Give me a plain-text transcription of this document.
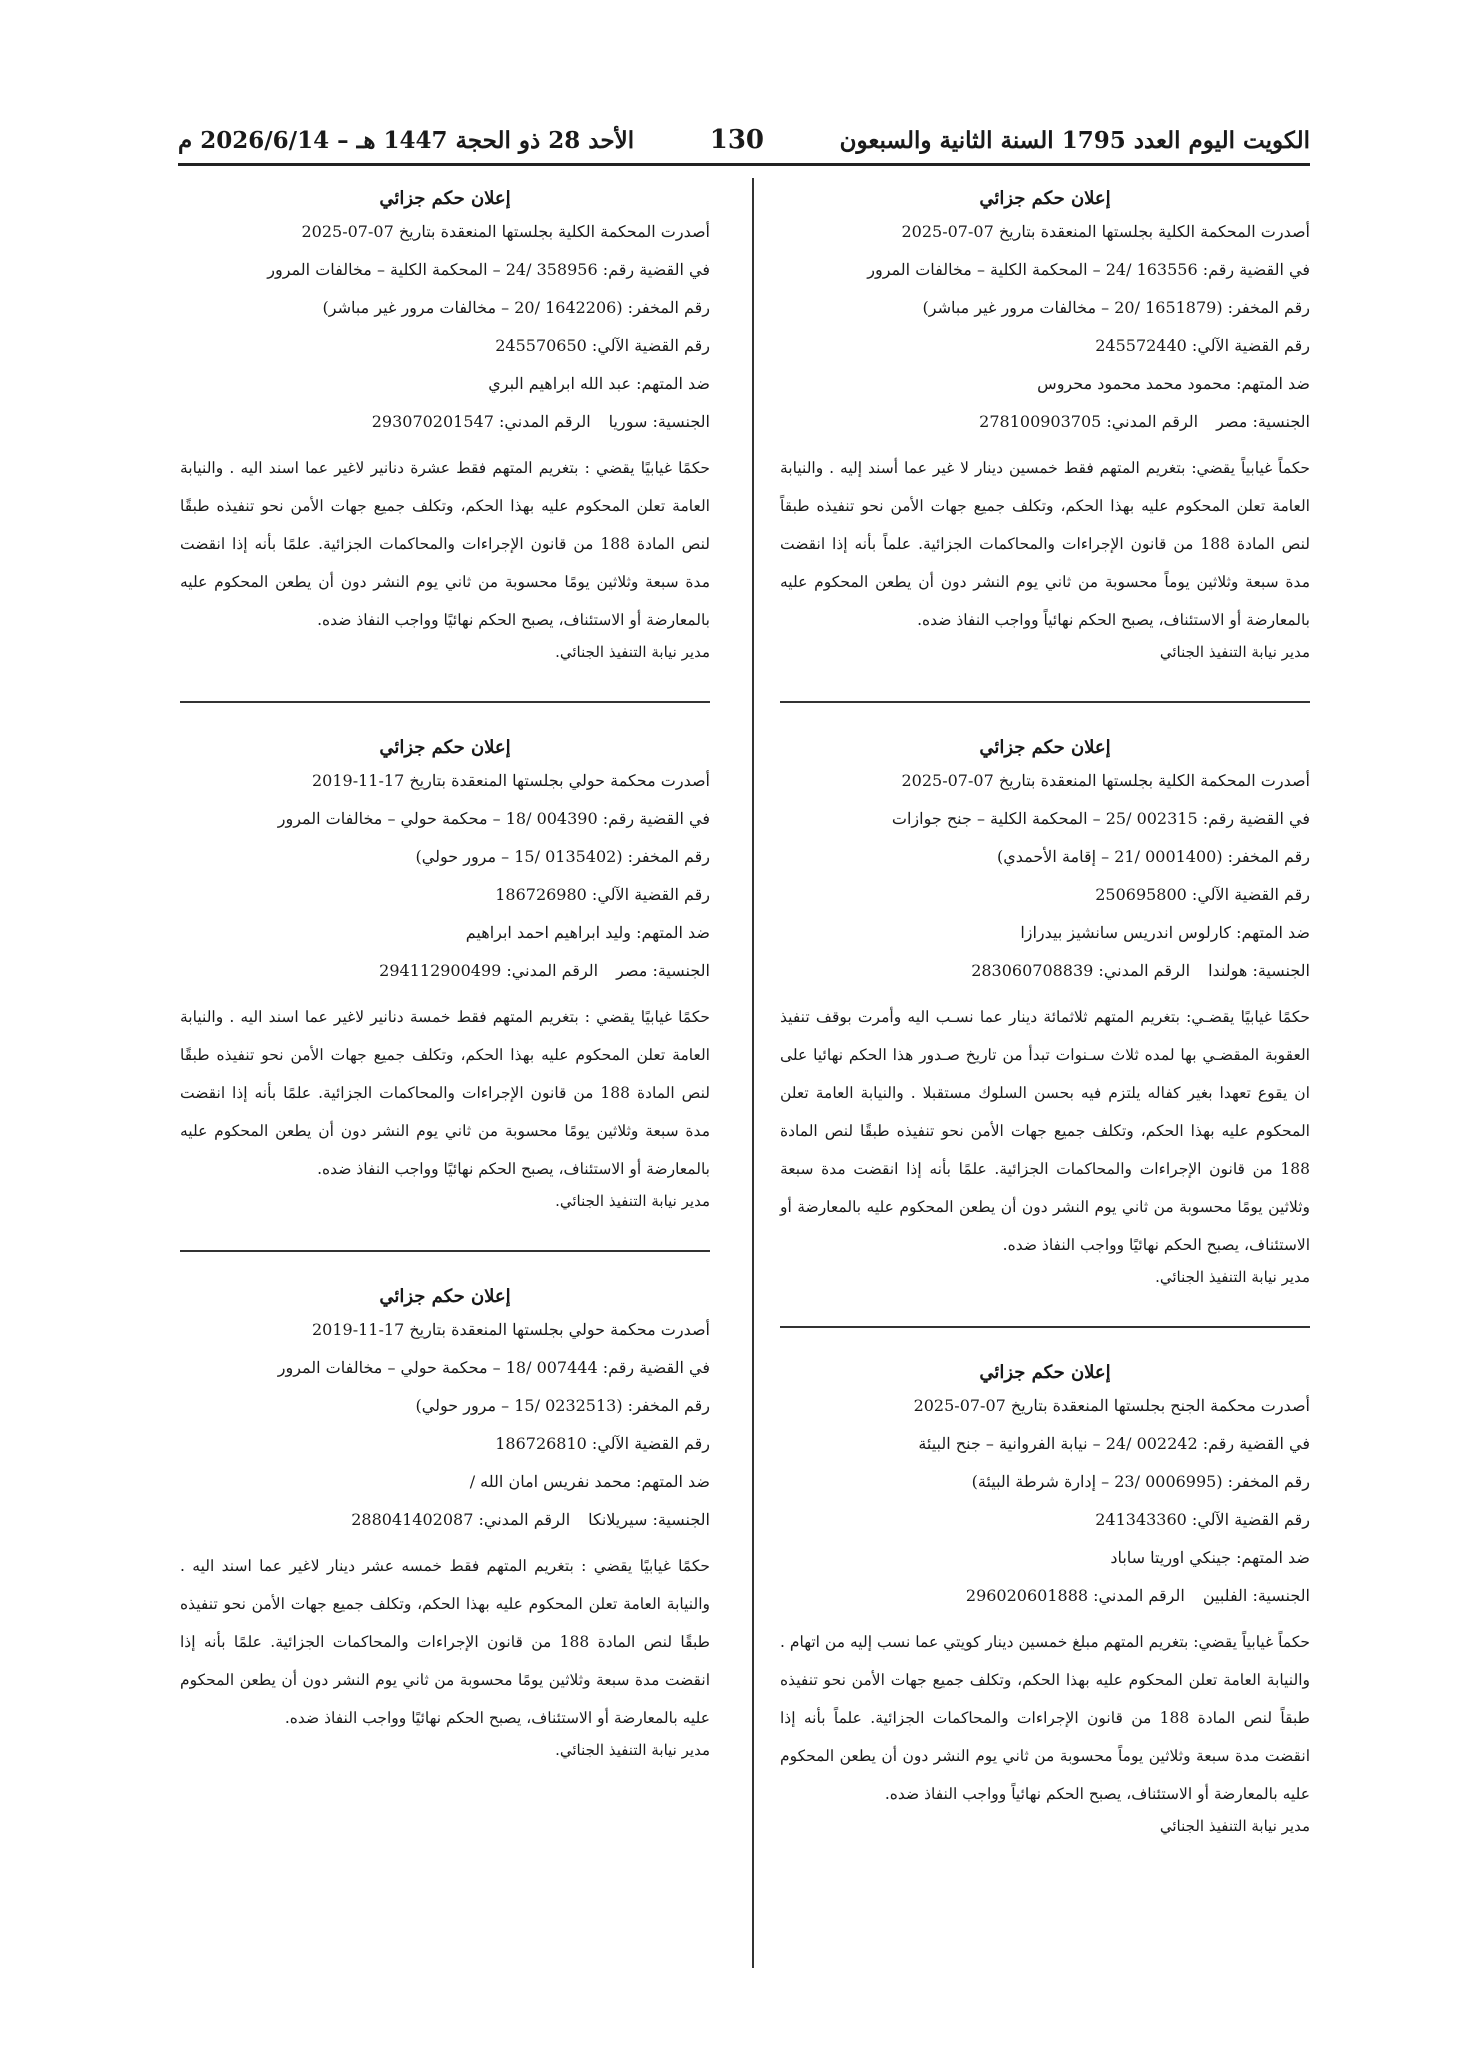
الأحد 28 ذو الحجة 1447 هـ – 2026/6/14 م	130	الكويت اليوم العدد 1795 السنة الثانية والسبعون

إعلان حكم جزائي

أصدرت المحكمة الكلية بجلستها المنعقدة بتاريخ 07-07-2025

في القضية رقم: 163556 /24 – المحكمة الكلية – مخالفات المرور

رقم المخفر: (1651879 /20 – مخالفات مرور غير مباشر)

رقم القضية الآلي: 245572440

ضد المتهم: محمود محمد محمود محروس

الجنسية: مصرالرقم المدني: 278100903705

حكماً غيابياً يقضي: بتغريم المتهم فقط خمسين دينار لا غير عما أسند إليه . والنيابة العامة تعلن المحكوم عليه بهذا الحكم، وتكلف جميع جهات الأمن نحو تنفيذه طبقاً لنص المادة 188 من قانون الإجراءات والمحاكمات الجزائية. علماً بأنه إذا انقضت مدة سبعة وثلاثين يوماً محسوبة من ثاني يوم النشر دون أن يطعن المحكوم عليه بالمعارضة أو الاستئناف، يصبح الحكم نهائياً وواجب النفاذ ضده.

مدير نيابة التنفيذ الجنائي

إعلان حكم جزائي

أصدرت المحكمة الكلية بجلستها المنعقدة بتاريخ 07-07-2025

في القضية رقم: 002315 /25 – المحكمة الكلية – جنح جوازات

رقم المخفر: (0001400 /21 – إقامة الأحمدي)

رقم القضية الآلي: 250695800

ضد المتهم: كارلوس اندريس سانشيز بيدرازا

الجنسية: هولنداالرقم المدني: 283060708839

حكمًا غيابيًا يقضـي: بتغريم المتهم ثلاثمائة دينار عما نسـب اليه وأمرت بوقف تنفيذ العقوبة المقضـي بها لمده ثلاث سـنوات تبدأ من تاريخ صـدور هذا الحكم نهائيا على ان يقوع تعهدا بغير كفاله يلتزم فيه بحسن السلوك مستقبلا . والنيابة العامة تعلن المحكوم عليه بهذا الحكم، وتكلف جميع جهات الأمن نحو تنفيذه طبقًا لنص المادة 188 من قانون الإجراءات والمحاكمات الجزائية. علمًا بأنه إذا انقضت مدة سبعة وثلاثين يومًا محسوبة من ثاني يوم النشر دون أن يطعن المحكوم عليه بالمعارضة أو الاستئناف، يصبح الحكم نهائيًا وواجب النفاذ ضده.

مدير نيابة التنفيذ الجنائي.

إعلان حكم جزائي

أصدرت محكمة الجنح بجلستها المنعقدة بتاريخ 07-07-2025

في القضية رقم: 002242 /24 – نيابة الفروانية – جنح البيئة

رقم المخفر: (0006995 /23 – إدارة شرطة البيئة)

رقم القضية الآلي: 241343360

ضد المتهم: جينكي اوريتا ساباد

الجنسية: الفلبينالرقم المدني: 296020601888

حكماً غيابياً يقضي: بتغريم المتهم مبلغ خمسين دينار كويتي عما نسب إليه من اتهام . والنيابة العامة تعلن المحكوم عليه بهذا الحكم، وتكلف جميع جهات الأمن نحو تنفيذه طبقاً لنص المادة 188 من قانون الإجراءات والمحاكمات الجزائية. علماً بأنه إذا انقضت مدة سبعة وثلاثين يوماً محسوبة من ثاني يوم النشر دون أن يطعن المحكوم عليه بالمعارضة أو الاستئناف، يصبح الحكم نهائياً وواجب النفاذ ضده.

مدير نيابة التنفيذ الجنائي

إعلان حكم جزائي

أصدرت المحكمة الكلية بجلستها المنعقدة بتاريخ 07-07-2025

في القضية رقم: 358956 /24 – المحكمة الكلية – مخالفات المرور

رقم المخفر: (1642206 /20 – مخالفات مرور غير مباشر)

رقم القضية الآلي: 245570650

ضد المتهم: عبد الله ابراهيم البري

الجنسية: سورياالرقم المدني: 293070201547

حكمًا غيابيًا يقضي : بتغريم المتهم فقط عشرة دنانير لاغير عما اسند اليه . والنيابة العامة تعلن المحكوم عليه بهذا الحكم، وتكلف جميع جهات الأمن نحو تنفيذه طبقًا لنص المادة 188 من قانون الإجراءات والمحاكمات الجزائية. علمًا بأنه إذا انقضت مدة سبعة وثلاثين يومًا محسوبة من ثاني يوم النشر دون أن يطعن المحكوم عليه بالمعارضة أو الاستئناف، يصبح الحكم نهائيًا وواجب النفاذ ضده.

مدير نيابة التنفيذ الجنائي.

إعلان حكم جزائي

أصدرت محكمة حولي بجلستها المنعقدة بتاريخ 17-11-2019

في القضية رقم: 004390 /18 – محكمة حولي – مخالفات المرور

رقم المخفر: (0135402 /15 – مرور حولي)

رقم القضية الآلي: 186726980

ضد المتهم: وليد ابراهيم احمد ابراهيم

الجنسية: مصرالرقم المدني: 294112900499

حكمًا غيابيًا يقضي : بتغريم المتهم فقط خمسة دنانير لاغير عما اسند اليه . والنيابة العامة تعلن المحكوم عليه بهذا الحكم، وتكلف جميع جهات الأمن نحو تنفيذه طبقًا لنص المادة 188 من قانون الإجراءات والمحاكمات الجزائية. علمًا بأنه إذا انقضت مدة سبعة وثلاثين يومًا محسوبة من ثاني يوم النشر دون أن يطعن المحكوم عليه بالمعارضة أو الاستئناف، يصبح الحكم نهائيًا وواجب النفاذ ضده.

مدير نيابة التنفيذ الجنائي.

إعلان حكم جزائي

أصدرت محكمة حولي بجلستها المنعقدة بتاريخ 17-11-2019

في القضية رقم: 007444 /18 – محكمة حولي – مخالفات المرور

رقم المخفر: (0232513 /15 – مرور حولي)

رقم القضية الآلي: 186726810

ضد المتهم: محمد نفريس امان الله /

الجنسية: سيريلانكاالرقم المدني: 288041402087

حكمًا غيابيًا يقضي : بتغريم المتهم فقط خمسه عشر دينار لاغير عما اسند اليه . والنيابة العامة تعلن المحكوم عليه بهذا الحكم، وتكلف جميع جهات الأمن نحو تنفيذه طبقًا لنص المادة 188 من قانون الإجراءات والمحاكمات الجزائية. علمًا بأنه إذا انقضت مدة سبعة وثلاثين يومًا محسوبة من ثاني يوم النشر دون أن يطعن المحكوم عليه بالمعارضة أو الاستئناف، يصبح الحكم نهائيًا وواجب النفاذ ضده.

مدير نيابة التنفيذ الجنائي.
